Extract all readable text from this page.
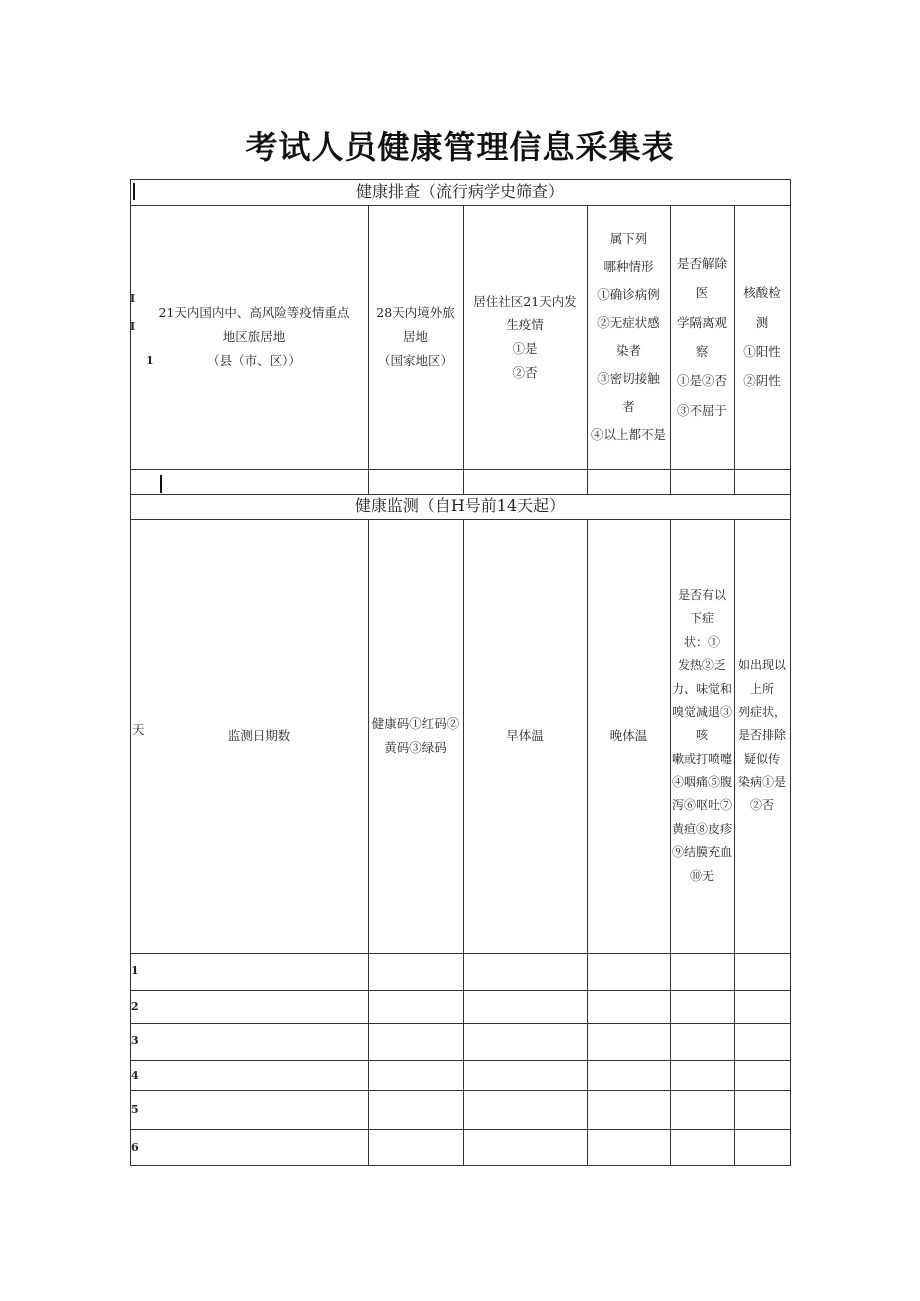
考试人员健康管理信息采集表
健康排查（流行病学史筛查）
I
I
1
21天内国内中、高风险等疫情重点
地区旅居地
（县（市、区））
28天内境外旅
居地
（国家地区）
居住社区21天内发
生疫情
①是
②否
属下列
哪种情形
①确诊病例
②无症状感
染者
③密切接触
者
④以上都不是
是否解除医
学隔离观察
①是②否
③不屈于
核酸检
测
①阳性
②阴性
健康监测（自H号前14天起）
天	监测日期数
健康码①红码②
黄码③绿码
早体温	晚体温
是否有以
下症
状：①
发热②乏
力、味觉和
嗅觉减退③
咳
嗽或打喷嚏
④咽痛⑤腹
泻⑥呕吐⑦
黄疸⑧皮疹
⑨结膜充血
⑩无
如出现以
上所
列症状，
是否排除
疑似传
染病①是
②否
1
2
3
4
5
6
